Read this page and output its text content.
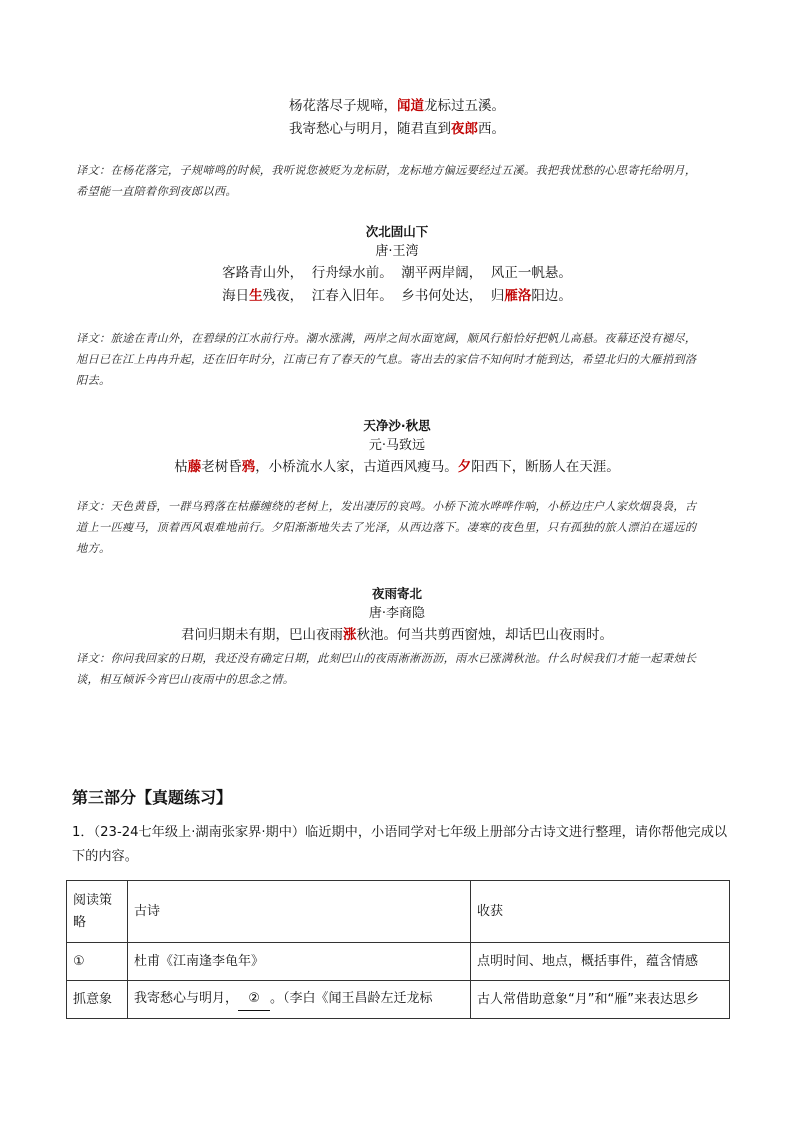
杨花落尽子规啼，闻道龙标过五溪。
我寄愁心与明月，随君直到夜郎西。
译文：在杨花落完，子规啼鸣的时候，我听说您被贬为龙标尉，龙标地方偏远要经过五溪。我把我忧愁的心思寄托给明月，希望能一直陪着你到夜郎以西。
次北固山下
唐·王湾
客路青山外，  行舟绿水前。  潮平两岸阔，  风正一帆悬。
海日生残夜，  江春入旧年。  乡书何处达，  归雁洛阳边。
译文：旅途在青山外，在碧绿的江水前行舟。潮水涨满，两岸之间水面宽阔，顺风行船恰好把帆儿高悬。夜幕还没有褪尽，旭日已在江上冉冉升起，还在旧年时分，江南已有了春天的气息。寄出去的家信不知何时才能到达，希望北归的大雁捎到洛阳去。
天净沙·秋思
元·马致远
枯藤老树昏鸦，小桥流水人家，古道西风瘦马。夕阳西下，断肠人在天涯。
译文：天色黄昏，一群乌鸦落在枯藤缠绕的老树上，发出凄厉的哀鸣。小桥下流水哗哗作响，小桥边庄户人家炊烟袅袅，古道上一匹瘦马，顶着西风艰难地前行。夕阳渐渐地失去了光泽，从西边落下。凄寒的夜色里，只有孤独的旅人漂泊在遥远的地方。
夜雨寄北
唐·李商隐
君问归期未有期，巴山夜雨涨秋池。何当共剪西窗烛，却话巴山夜雨时。
译文：你问我回家的日期，我还没有确定日期，此刻巴山的夜雨淅淅沥沥，雨水已涨满秋池。什么时候我们才能一起秉烛长谈，相互倾诉今宵巴山夜雨中的思念之情。
第三部分【真题练习】
1．（23-24七年级上·湖南张家界·期中）临近期中，小语同学对七年级上册部分古诗文进行整理，请你帮他完成以下的内容。
阅读策略	古诗	收获
①	杜甫《江南逢李龟年》	点明时间、地点，概括事件，蕴含情感
抓意象	我寄愁心与明月， ② 。（李白《闻王昌龄左迁龙标	古人常借助意象“月”和“雁”来表达思乡
